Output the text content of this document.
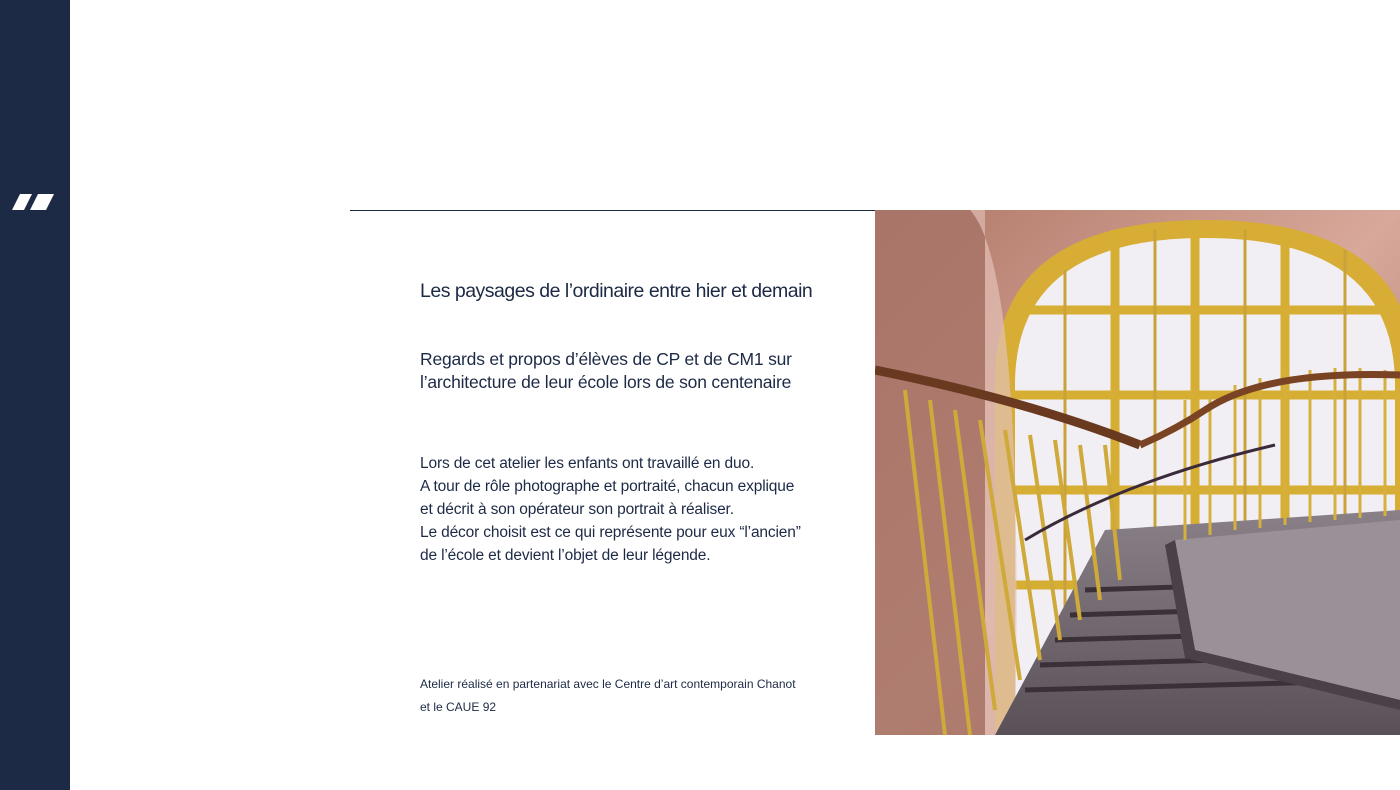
Les paysages de l’ordinaire entre hier et demain
Regards et propos d’élèves de CP et de CM1 sur l’architecture de leur école lors de son centenaire
Lors de cet atelier les enfants ont travaillé en duo.
A tour de rôle photographe et portraité, chacun explique
et décrit à son opérateur son portrait à réaliser.
Le décor choisit est ce qui représente pour eux “l’ancien”
de l’école et devient l’objet de leur légende.
Atelier réalisé en partenariat avec le Centre d’art contemporain Chanot
et le CAUE 92
